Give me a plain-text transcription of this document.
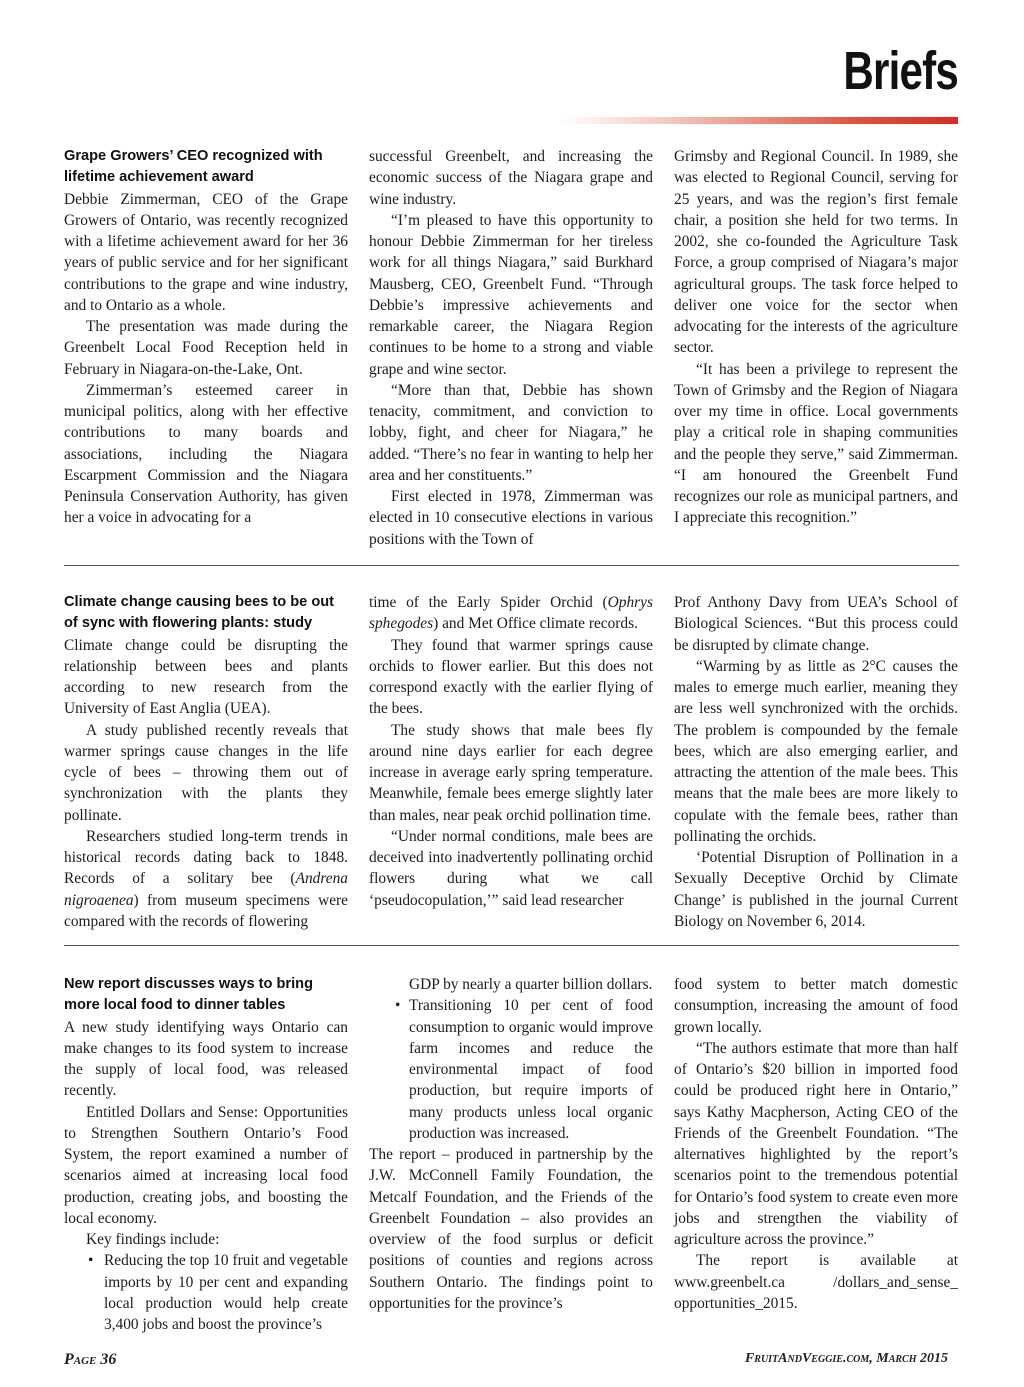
Briefs
Grape Growers’ CEO recognized with lifetime achievement award

Debbie Zimmerman, CEO of the Grape Growers of Ontario, was recently recognized with a lifetime achievement award for her 36 years of public service and for her significant contributions to the grape and wine industry, and to Ontario as a whole.

The presentation was made during the Greenbelt Local Food Reception held in February in Niagara-on-the-Lake, Ont.

Zimmerman’s esteemed career in municipal politics, along with her effective contributions to many boards and associations, including the Niagara Escarpment Commission and the Niagara Peninsula Conservation Authority, has given her a voice in advocating for a

successful Greenbelt, and increasing the economic success of the Niagara grape and wine industry.

“I’m pleased to have this opportunity to honour Debbie Zimmerman for her tireless work for all things Niagara,” said Burkhard Mausberg, CEO, Greenbelt Fund. “Through Debbie’s impressive achievements and remarkable career, the Niagara Region continues to be home to a strong and viable grape and wine sector.

“More than that, Debbie has shown tenacity, commitment, and conviction to lobby, fight, and cheer for Niagara,” he added. “There’s no fear in wanting to help her area and her constituents.”

First elected in 1978, Zimmerman was elected in 10 consecutive elections in various positions with the Town of

Grimsby and Regional Council. In 1989, she was elected to Regional Council, serving for 25 years, and was the region’s first female chair, a position she held for two terms. In 2002, she co-founded the Agriculture Task Force, a group comprised of Niagara’s major agricultural groups. The task force helped to deliver one voice for the sector when advocating for the interests of the agriculture sector.

“It has been a privilege to represent the Town of Grimsby and the Region of Niagara over my time in office. Local governments play a critical role in shaping communities and the people they serve,” said Zimmerman. “I am honoured the Greenbelt Fund recognizes our role as municipal partners, and I appreciate this recognition.”

Climate change causing bees to be out of sync with flowering plants: study

Climate change could be disrupting the relationship between bees and plants according to new research from the University of East Anglia (UEA).

A study published recently reveals that warmer springs cause changes in the life cycle of bees – throwing them out of synchronization with the plants they pollinate.

Researchers studied long-term trends in historical records dating back to 1848. Records of a solitary bee (Andrena nigroaenea) from museum specimens were compared with the records of flowering

time of the Early Spider Orchid (Ophrys sphegodes) and Met Office climate records.

They found that warmer springs cause orchids to flower earlier. But this does not correspond exactly with the earlier flying of the bees.

The study shows that male bees fly around nine days earlier for each degree increase in average early spring temperature. Meanwhile, female bees emerge slightly later than males, near peak orchid pollination time.

“Under normal conditions, male bees are deceived into inadvertently pollinating orchid flowers during what we call ‘pseudocopulation,’” said lead researcher

Prof Anthony Davy from UEA’s School of Biological Sciences. “But this process could be disrupted by climate change.

“Warming by as little as 2°C causes the males to emerge much earlier, meaning they are less well synchronized with the orchids. The problem is compounded by the female bees, which are also emerging earlier, and attracting the attention of the male bees. This means that the male bees are more likely to copulate with the female bees, rather than pollinating the orchids.

‘Potential Disruption of Pollination in a Sexually Deceptive Orchid by Climate Change’ is published in the journal Current Biology on November 6, 2014.

New report discusses ways to bring more local food to dinner tables

A new study identifying ways Ontario can make changes to its food system to increase the supply of local food, was released recently.

Entitled Dollars and Sense: Opportunities to Strengthen Southern Ontario’s Food System, the report examined a number of scenarios aimed at increasing local food production, creating jobs, and boosting the local economy.

Key findings include:

• Reducing the top 10 fruit and vegetable imports by 10 per cent and expanding local production would help create 3,400 jobs and boost the province’s

GDP by nearly a quarter billion dollars.

• Transitioning 10 per cent of food consumption to organic would improve farm incomes and reduce the environmental impact of food production, but require imports of many products unless local organic production was increased.

The report – produced in partnership by the J.W. McConnell Family Foundation, the Metcalf Foundation, and the Friends of the Greenbelt Foundation – also provides an overview of the food surplus or deficit positions of counties and regions across Southern Ontario. The findings point to opportunities for the province’s

food system to better match domestic consumption, increasing the amount of food grown locally.

“The authors estimate that more than half of Ontario’s $20 billion in imported food could be produced right here in Ontario,” says Kathy Macpherson, Acting CEO of the Friends of the Greenbelt Foundation. “The alternatives highlighted by the report’s scenarios point to the tremendous potential for Ontario’s food system to create even more jobs and strengthen the viability of agriculture across the province.”

The report is available at www.greenbelt.ca /dollars_and_sense_ opportunities_2015.

Page 36	FruitAndVeggie.com, March 2015
